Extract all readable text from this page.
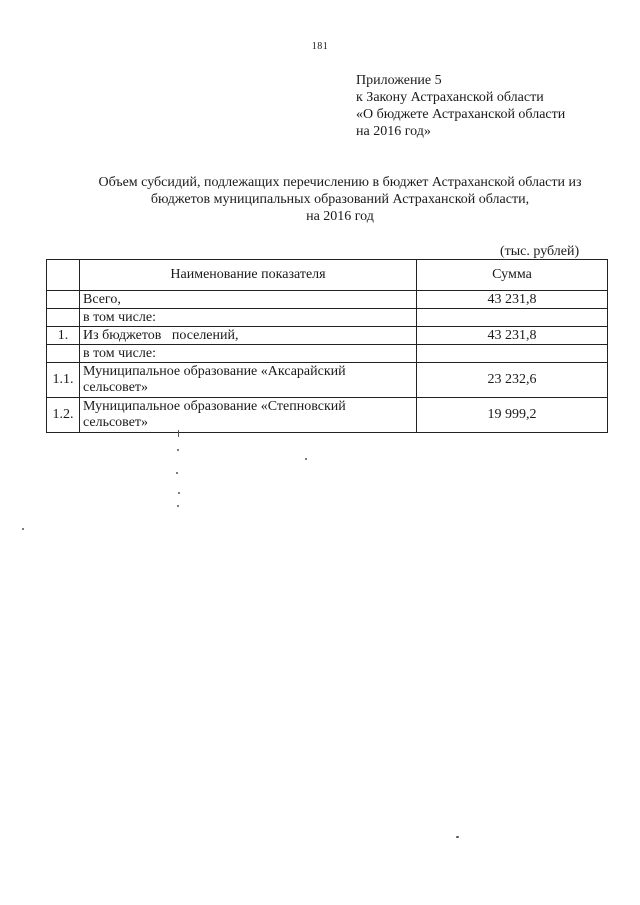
181
Приложение 5
к Закону Астраханской области
«О бюджете Астраханской области
на 2016 год»
Объем субсидий, подлежащих перечислению в бюджет Астраханской области из
бюджетов муниципальных образований Астраханской области,
на 2016 год
(тыс. рублей)
	Наименование показателя	Сумма
	Всего,	43 231,8
	в том числе:	
1.	Из бюджетов   поселений,	43 231,8
	в том числе:	
1.1.	Муниципальное образование «Аксарайский сельсовет»	23 232,6
1.2.	Муниципальное образование «Степновский сельсовет»	19 999,2
